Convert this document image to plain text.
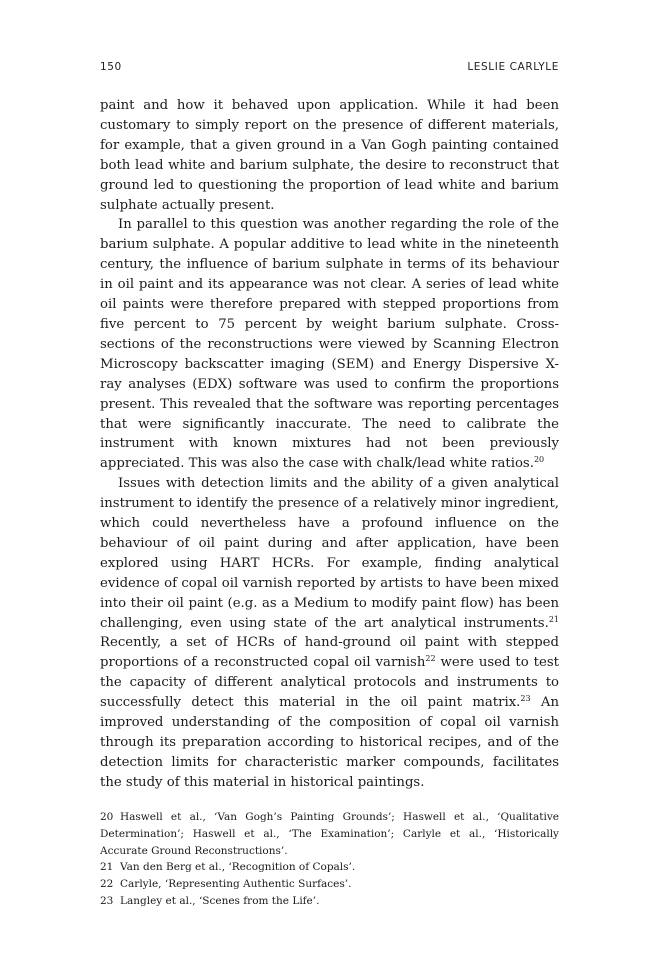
150	LESLIE CARLYLE

paint and how it behaved upon application. While it had been customary to simply report on the presence of different materials, for example, that a given ground in a Van Gogh painting contained both lead white and barium sulphate, the desire to reconstruct that ground led to questioning the proportion of lead white and barium sulphate actually present.

In parallel to this question was another regarding the role of the barium sulphate. A popular additive to lead white in the nineteenth century, the influence of barium sulphate in terms of its behaviour in oil paint and its appearance was not clear. A series of lead white oil paints were therefore prepared with stepped proportions from five percent to 75 percent by weight barium sulphate. Cross-sections of the reconstructions were viewed by Scanning Electron Microscopy backscatter imaging (SEM) and Energy Dispersive X-ray analyses (EDX) software was used to confirm the proportions present. This revealed that the software was reporting percentages that were significantly inaccurate. The need to calibrate the instrument with known mixtures had not been previously appreciated. This was also the case with chalk/lead white ratios.$^{20}$

Issues with detection limits and the ability of a given analytical instrument to identify the presence of a relatively minor ingredient, which could nevertheless have a profound influence on the behaviour of oil paint during and after application, have been explored using HART HCRs. For example, finding analytical evidence of copal oil varnish reported by artists to have been mixed into their oil paint (e.g. as a Medium to modify paint flow) has been challenging, even using state of the art analytical instruments.$^{21}$ Recently, a set of HCRs of hand-ground oil paint with stepped proportions of a reconstructed copal oil varnish$^{22}$ were used to test the capacity of different analytical protocols and instruments to successfully detect this material in the oil paint matrix.$^{23}$ An improved understanding of the composition of copal oil varnish through its preparation according to historical recipes, and of the detection limits for characteristic marker compounds, facilitates the study of this material in historical paintings.

20 Haswell et al., ‘Van Gogh’s Painting Grounds’; Haswell et al., ‘Qualitative Determination’; Haswell et al., ‘The Examination’; Carlyle et al., ‘Historically Accurate Ground Reconstructions’.

21 Van den Berg et al., ‘Recognition of Copals’.

22 Carlyle, ‘Representing Authentic Surfaces’.

23 Langley et al., ‘Scenes from the Life’.
